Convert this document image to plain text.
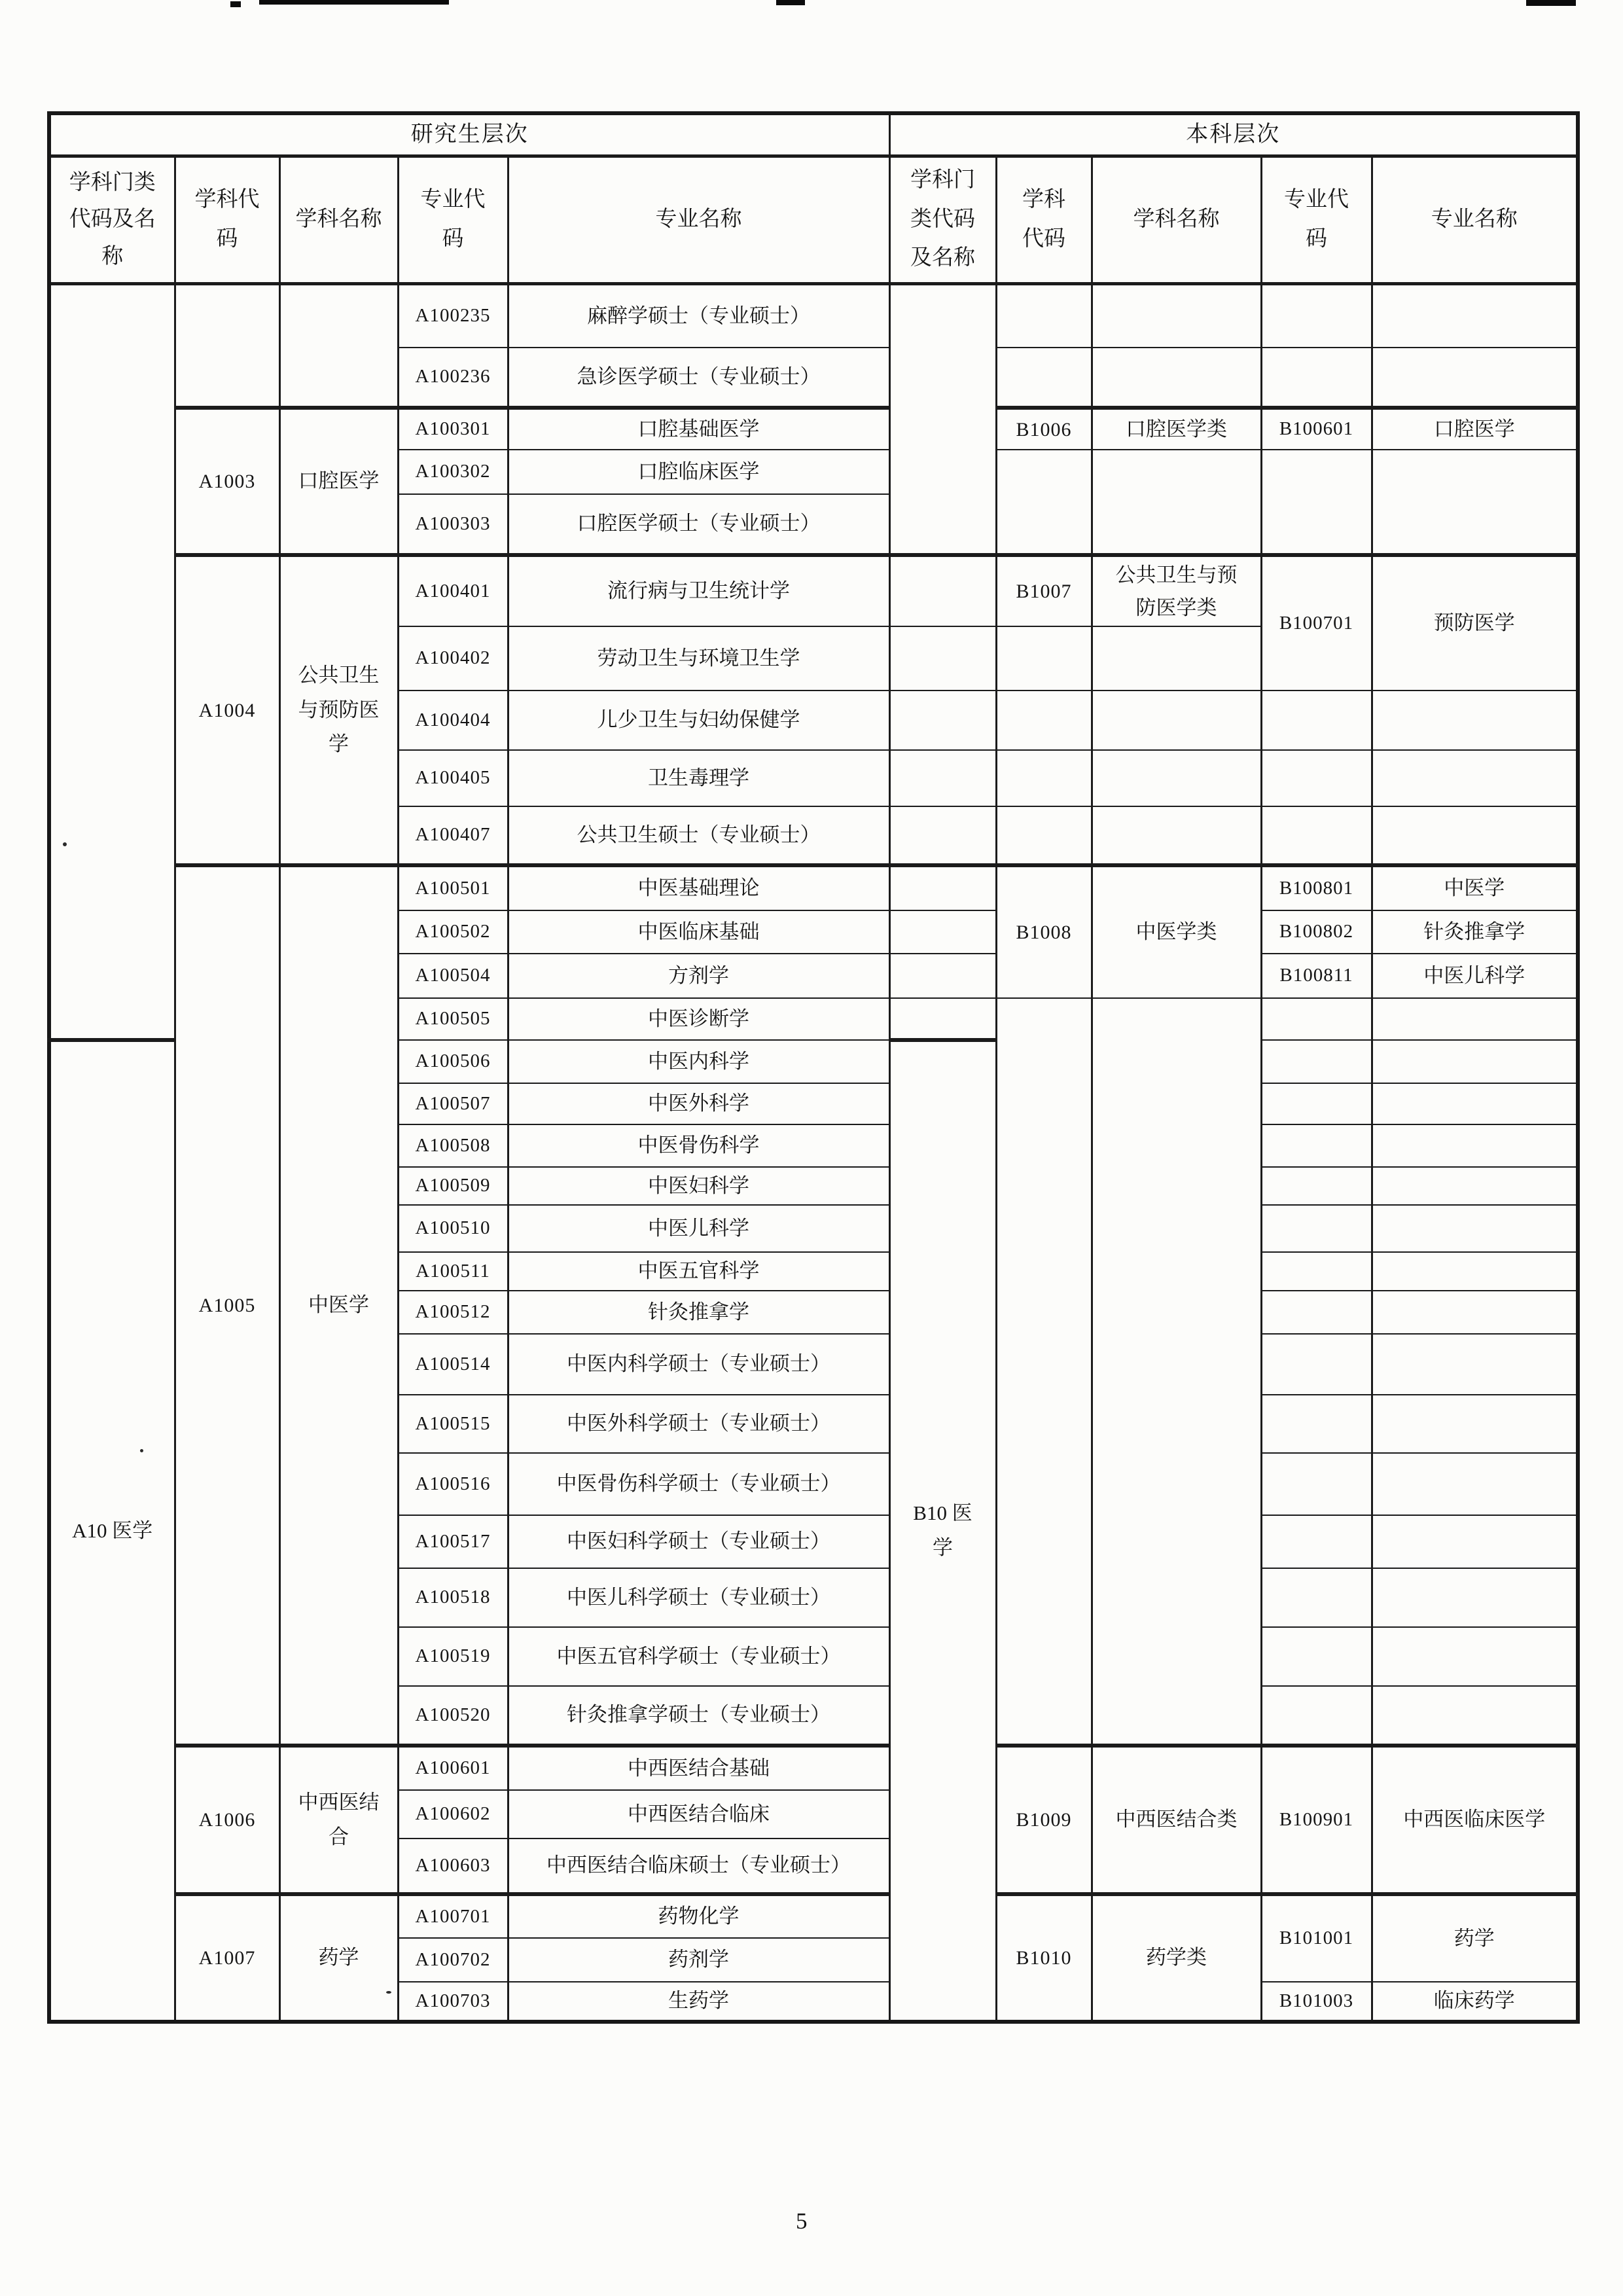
研究生层次					本科层次				
学科门类代码及名称	学科代码	学科名称	专业代码	专业名称	学科门类代码及名称	学科代码	学科名称	专业代码	专业名称
			A100235	麻醉学硕士（专业硕士）					
			A100236	急诊医学硕士（专业硕士）					
	A1003	口腔医学	A100301	口腔基础医学		B1006	口腔医学类	B100601	口腔医学
			A100302	口腔临床医学					
			A100303	口腔医学硕士（专业硕士）					
	A1004	公共卫生与预防医学	A100401	流行病与卫生统计学		B1007	公共卫生与预防医学类	B100701	预防医学
			A100402	劳动卫生与环境卫生学					
			A100404	儿少卫生与妇幼保健学					
			A100405	卫生毒理学					
			A100407	公共卫生硕士（专业硕士）					
	A1005	中医学	A100501	中医基础理论		B1008	中医学类	B100801	中医学
			A100502	中医临床基础				B100802	针灸推拿学
			A100504	方剂学				B100811	中医儿科学
			A100505	中医诊断学					
A10 医学			A100506	中医内科学	B10 医学				
			A100507	中医外科学					
			A100508	中医骨伤科学					
			A100509	中医妇科学					
			A100510	中医儿科学					
			A100511	中医五官科学					
			A100512	针灸推拿学					
			A100514	中医内科学硕士（专业硕士）					
			A100515	中医外科学硕士（专业硕士）					
			A100516	中医骨伤科学硕士（专业硕士）					
			A100517	中医妇科学硕士（专业硕士）					
			A100518	中医儿科学硕士（专业硕士）					
			A100519	中医五官科学硕士（专业硕士）					
			A100520	针灸推拿学硕士（专业硕士）					
	A1006	中西医结合	A100601	中西医结合基础		B1009	中西医结合类	B100901	中西医临床医学
			A100602	中西医结合临床					
			A100603	中西医结合临床硕士（专业硕士）					
	A1007	药学	A100701	药物化学		B1010	药学类	B101001	药学
			A100702	药剂学					
			A100703	生药学				B101003	临床药学
5
